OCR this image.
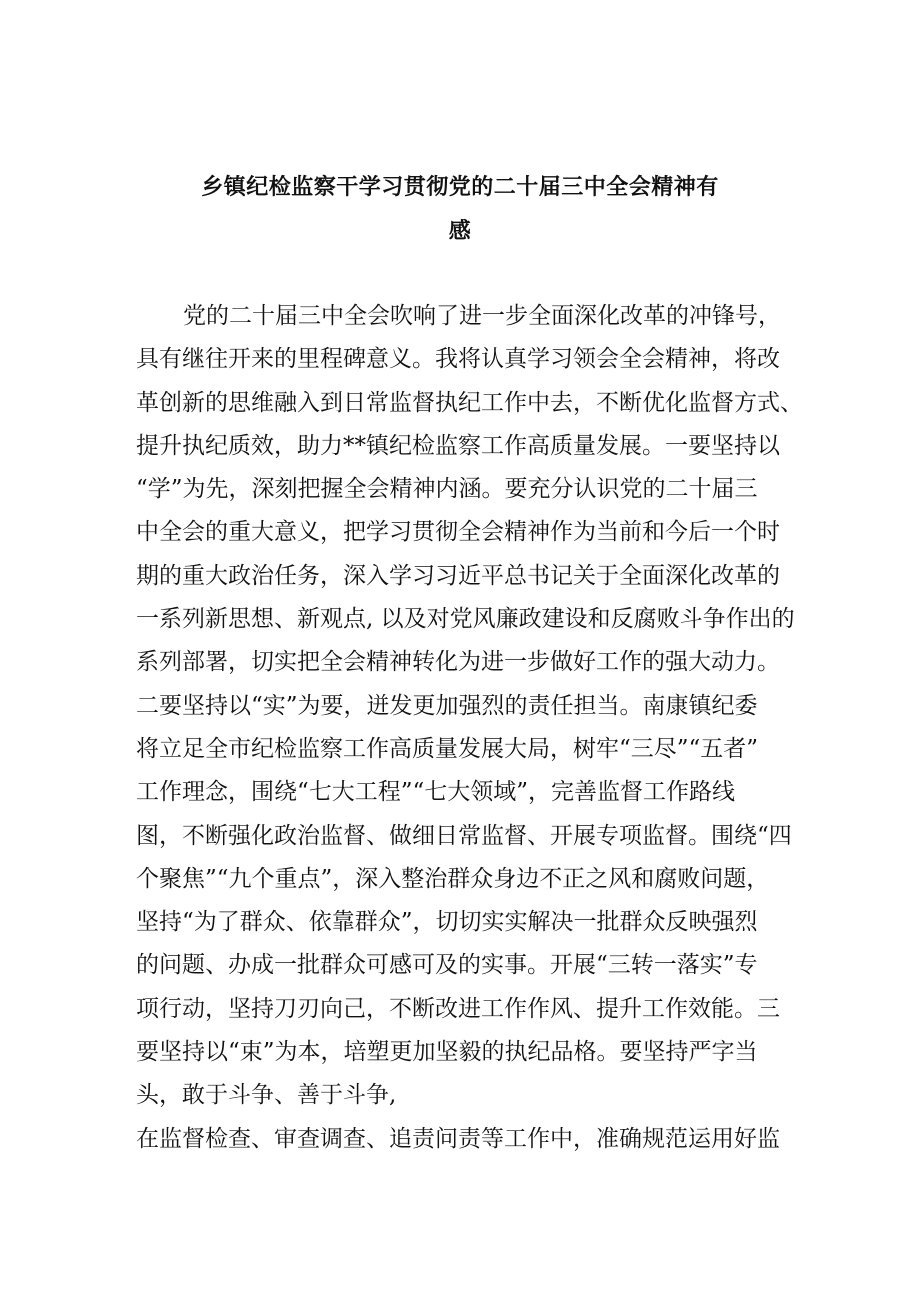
乡镇纪检监察干学习贯彻党的二十届三中全会精神有
感
党的二十届三中全会吹响了进一步全面深化改革的冲锋号，
具有继往开来的里程碑意义。我将认真学习领会全会精神，将改
革创新的思维融入到日常监督执纪工作中去，不断优化监督方式、
提升执纪质效，助力**镇纪检监察工作高质量发展。一要坚持以
“学”为先，深刻把握全会精神内涵。要充分认识党的二十届三
中全会的重大意义，把学习贯彻全会精神作为当前和今后一个时
期的重大政治任务，深入学习习近平总书记关于全面深化改革的
一系列新思想、新观点, 以及对党风廉政建设和反腐败斗争作出的
系列部署，切实把全会精神转化为进一步做好工作的强大动力。
二要坚持以“实”为要，迸发更加强烈的责任担当。南康镇纪委
将立足全市纪检监察工作高质量发展大局，树牢“三尽”“五者”
工作理念，围绕“七大工程”“七大领域”，完善监督工作路线
图，不断强化政治监督、做细日常监督、开展专项监督。围绕“四
个聚焦”“九个重点”，深入整治群众身边不正之风和腐败问题，
坚持“为了群众、依靠群众”，切切实实解决一批群众反映强烈
的问题、办成一批群众可感可及的实事。开展“三转一落实”专
项行动，坚持刀刃向己，不断改进工作作风、提升工作效能。三
要坚持以“束”为本，培塑更加坚毅的执纪品格。要坚持严字当
头，敢于斗争、善于斗争,
在监督检查、审查调查、追责问责等工作中，准确规范运用好监
